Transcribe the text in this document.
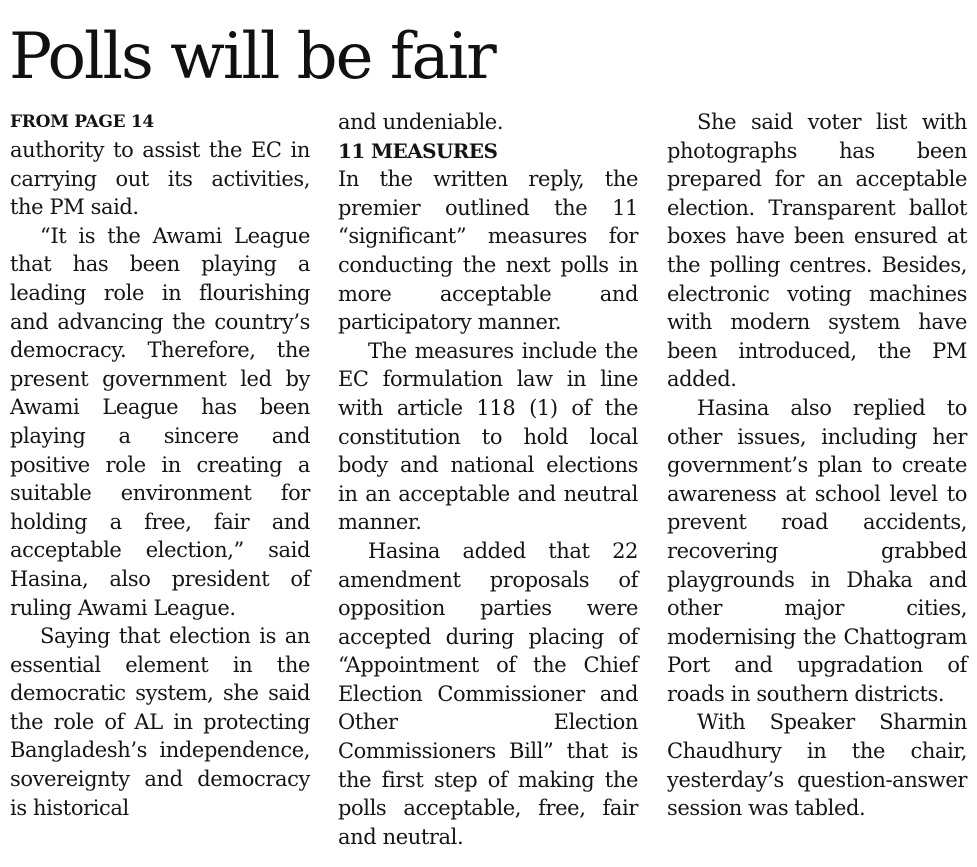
Polls will be fair
FROM PAGE 14

authority to assist the EC in carrying out its activities, the PM said.

“It is the Awami League that has been playing a leading role in flourishing and advancing the country’s democracy. Therefore, the present government led by Awami League has been playing a sincere and positive role in creating a suitable environment for holding a free, fair and acceptable election,” said Hasina, also president of ruling Awami League.

Saying that election is an essential element in the democratic system, she said the role of AL in protecting Bangladesh’s independence, sovereignty and democracy is historical

and undeniable.

11 MEASURES

In the written reply, the premier outlined the 11 “significant” measures for conducting the next polls in more acceptable and participatory manner.

The measures include the EC formulation law in line with article 118 (1) of the constitution to hold local body and national elections in an acceptable and neutral manner.

Hasina added that 22 amendment proposals of opposition parties were accepted during placing of “Appointment of the Chief Election Commissioner and Other Election Commissioners Bill” that is the first step of making the polls acceptable, free, fair and neutral.

She said voter list with photographs has been prepared for an acceptable election. Transparent ballot boxes have been ensured at the polling centres. Besides, electronic voting machines with modern system have been introduced, the PM added.

Hasina also replied to other issues, including her government’s plan to create awareness at school level to prevent road accidents, recovering grabbed playgrounds in Dhaka and other major cities, modernising the Chattogram Port and upgradation of roads in southern districts.

With Speaker Sharmin Chaudhury in the chair, yesterday’s question-answer session was tabled.
